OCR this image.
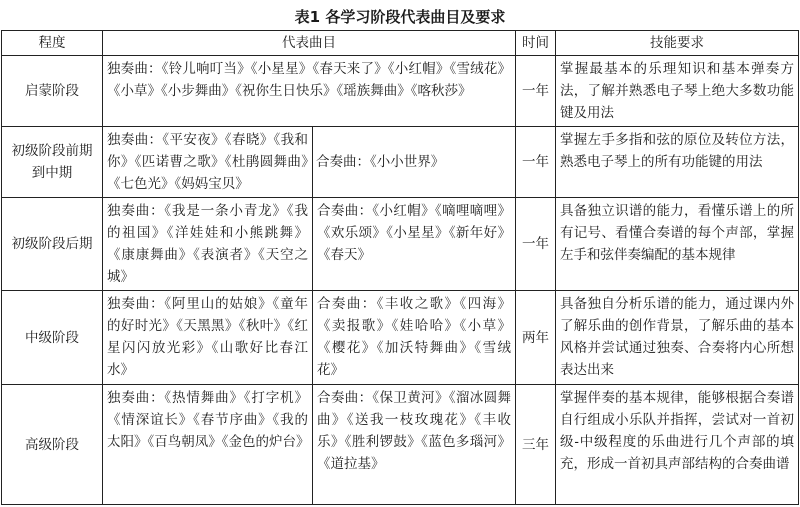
表1 各学习阶段代表曲目及要求
程度	代表曲目		时间	技能要求
启蒙阶段	独奏曲：《铃儿响叮当》《小星星》《春天来了》《小红帽》《雪绒花》《小草》《小步舞曲》《祝你生日快乐》《瑶族舞曲》《喀秋莎》		一年	掌握最基本的乐理知识和基本弹奏方法，了解并熟悉电子琴上绝大多数功能键及用法
初级阶段前期到中期	独奏曲：《平安夜》《春晓》《我和你》《匹诺曹之歌》《杜鹃圆舞曲》《七色光》《妈妈宝贝》	合奏曲：《小小世界》	一年	掌握左手多指和弦的原位及转位方法，熟悉电子琴上的所有功能键的用法
初级阶段后期	独奏曲：《我是一条小青龙》《我的祖国》《洋娃娃和小熊跳舞》《康康舞曲》《表演者》《天空之城》	合奏曲：《小红帽》《嘀哩嘀哩》《欢乐颂》《小星星》《新年好》《春天》	一年	具备独立识谱的能力，看懂乐谱上的所有记号、看懂合奏谱的每个声部，掌握左手和弦伴奏编配的基本规律
中级阶段	独奏曲：《阿里山的姑娘》《童年的好时光》《天黑黑》《秋叶》《红星闪闪放光彩》《山歌好比春江水》	合奏曲：《丰收之歌》《四海》《卖报歌》《娃哈哈》《小草》《樱花》《加沃特舞曲》《雪绒花》	两年	具备独自分析乐谱的能力，通过课内外了解乐曲的创作背景，了解乐曲的基本风格并尝试通过独奏、合奏将内心所想表达出来
高级阶段	独奏曲：《热情舞曲》《打字机》《情深谊长》《春节序曲》《我的太阳》《百鸟朝凤》《金色的炉台》	合奏曲：《保卫黄河》《溜冰圆舞曲》《送我一枝玫瑰花》《丰收乐》《胜利锣鼓》《蓝色多瑙河》《道拉基》	三年	掌握伴奏的基本规律，能够根据合奏谱自行组成小乐队并指挥，尝试对一首初级-中级程度的乐曲进行几个声部的填充，形成一首初具声部结构的合奏曲谱
